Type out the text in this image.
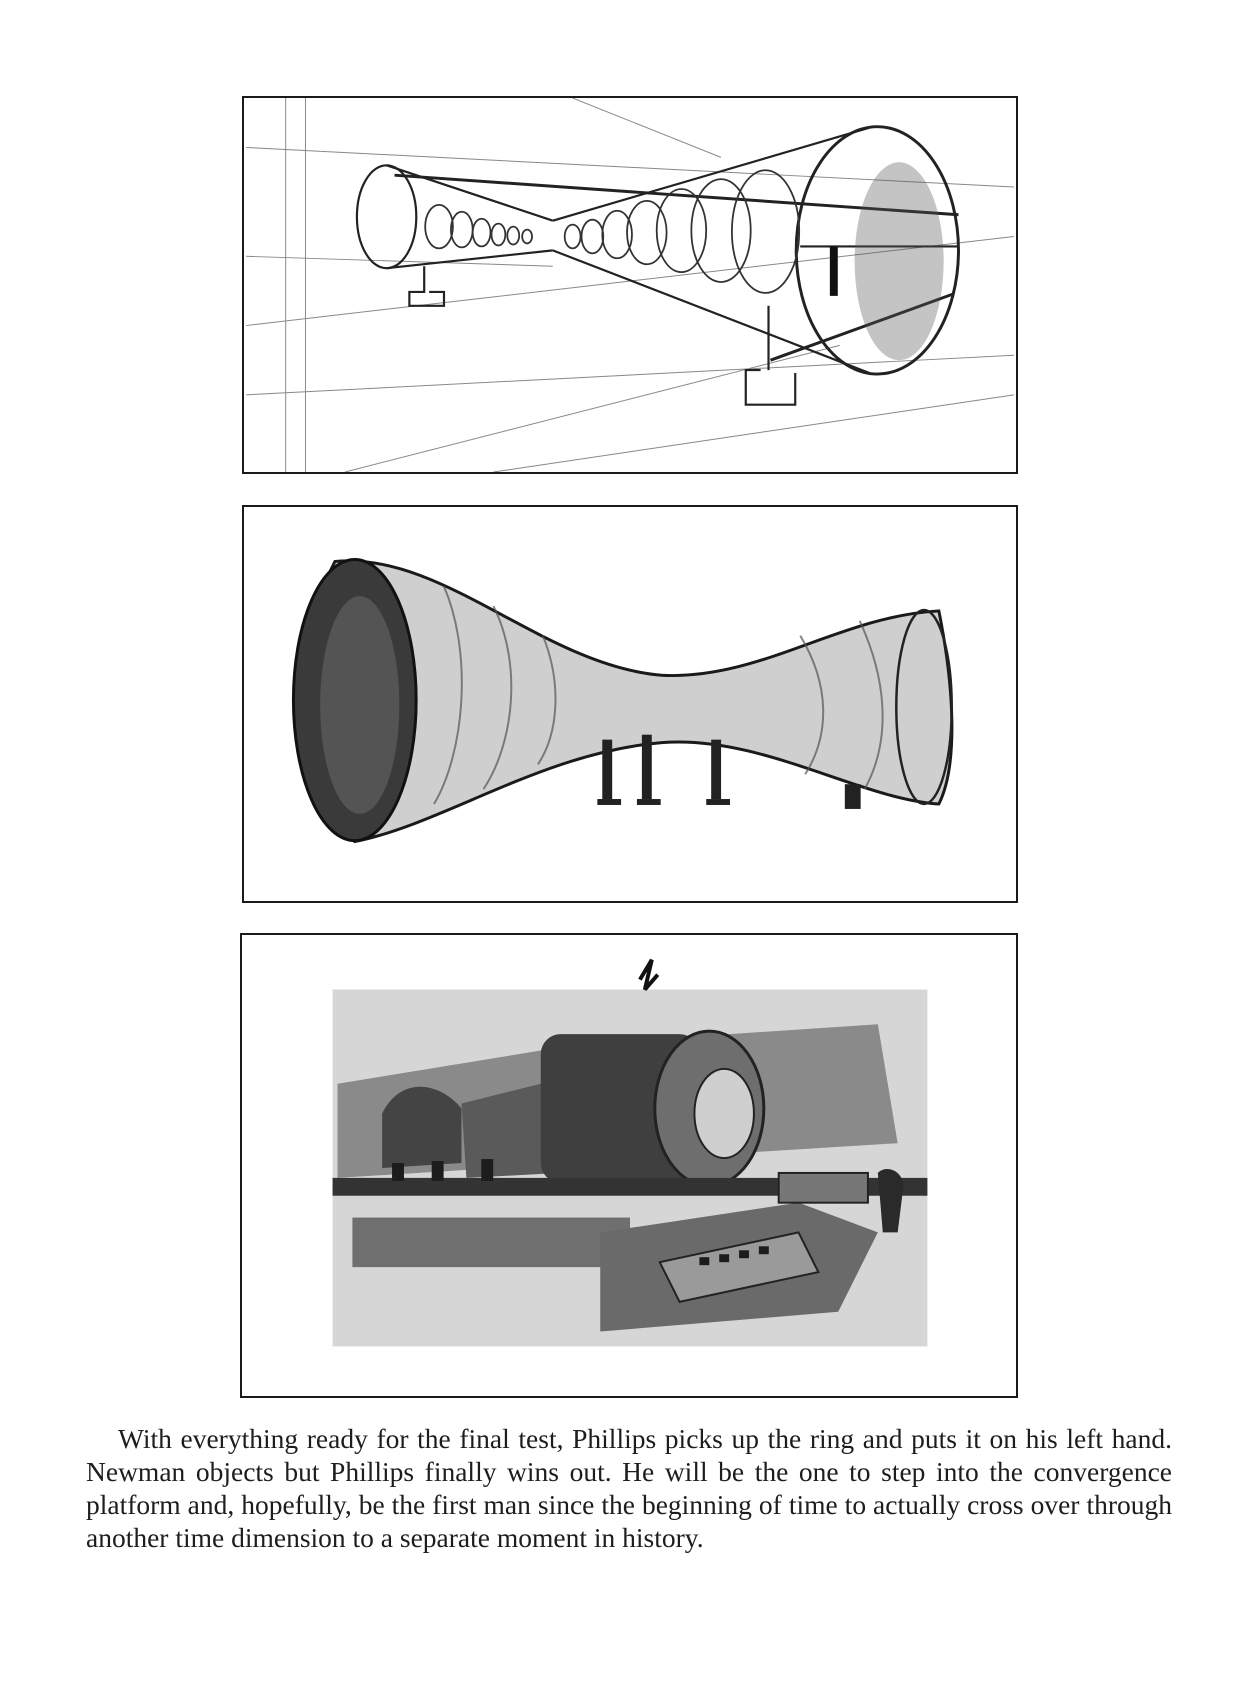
With everything ready for the final test, Phillips picks up the ring and puts it on his left hand. Newman objects but Phillips finally wins out. He will be the one to step into the convergence platform and, hopefully, be the first man since the beginning of time to actually cross over through another time dimension to a separate moment in history.
